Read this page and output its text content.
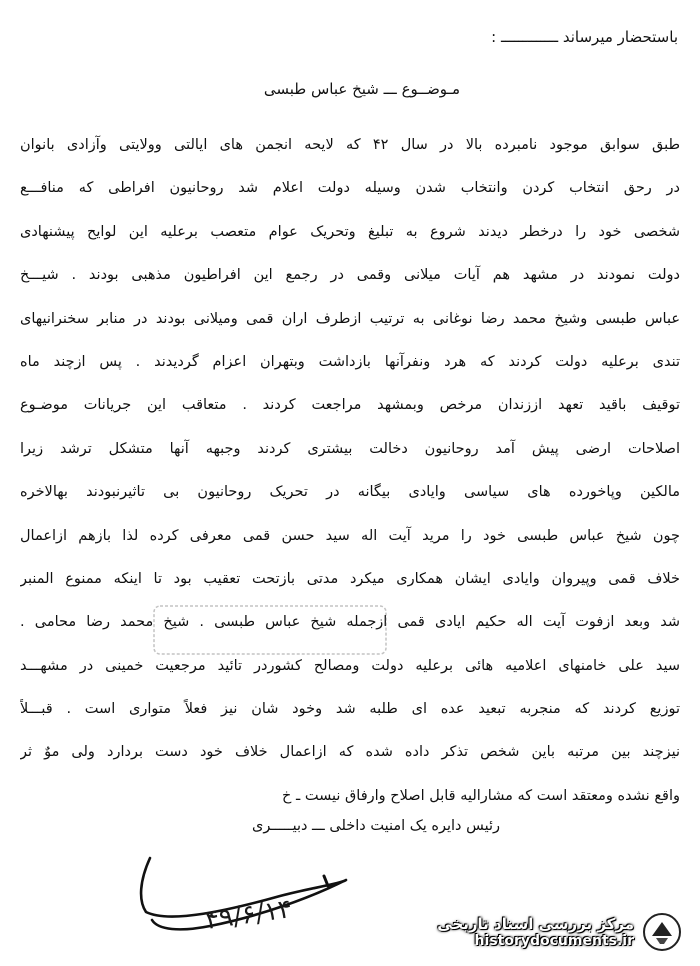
باستحضار میرساند ـــــــــــــ :
مـوضــوع ـــ شیخ عباس طبسی
طبق سوابق موجود نامبرده بالا در سال ۴۲ که لایحه انجمن های ایالتی وولایتی وآزادی بانوان
در رحق انتخاب کردن وانتخاب شدن وسیله دولت اعلام شد روحانیون افراطی که منافـــع
شخصی خود را درخطر دیدند شروع به تبلیغ وتحریک عوام متعصب برعلیه این لوایح پیشنهادی
دولت نمودند در مشهد هم آیات میلانی وقمی در رجمع این افراطیون مذهبی بودند . شیـــخ
عباس طبسی وشیخ محمد رضا نوغانی به ترتیب ازطرف اران قمی ومیلانی بودند در منابر سخنرانیهای
تندی برعلیه دولت کردند که هرد ونفرآنها بازداشت وبتهران اعزام گردیدند . پس ازچند ماه
توقیف باقید تعهد اززندان مرخص وبمشهد مراجعت کردند . متعاقب این جریانات موضـوع
اصلاحات ارضی پیش آمد روحانیون دخالت بیشتری کردند وجبهه آنها متشکل ترشد زیرا
مالکین وپاخورده های سیاسی وایادی بیگانه در تحریک روحانیون بی تاثیرنبودند بهالاخره
چون شیخ عباس طبسی خود را مرید آیت اله سید حسن قمی معرفی کرده لذا بازهم ازاعمال
خلاف قمی وپیروان وایادی ایشان همکاری میکرد مدتی بازتحت تعقیب بود تا اینکه ممنوع المنبر
شد وبعد ازفوت آیت اله حکیم ایادی قمی ازجمله شیخ عباس طبسی . شیخ محمد رضا محامی .
سید علی خامنهای اعلامیه هائی برعلیه دولت ومصالح کشوردر تائید مرجعیت خمینی در مشهـــد
توزیع کردند که منجربه تبعید عده ای طلبه شد وخود شان نیز فعلاً متواری است . قبـــلاً
نیزچند بین مرتبه باین شخص تذکر داده شده که ازاعمال خلاف خود دست بردارد ولی موٌ ثر
واقع نشده ومعتقد است که مشارالیه قابل اصلاح وارفاق نیست ـ خ
رئیس دایره یک امنیت داخلی ـــ دبیـــــری
۴۹/۶/۱۴	مرکز بررسی اسناد تاریخی
historydocuments.ir
